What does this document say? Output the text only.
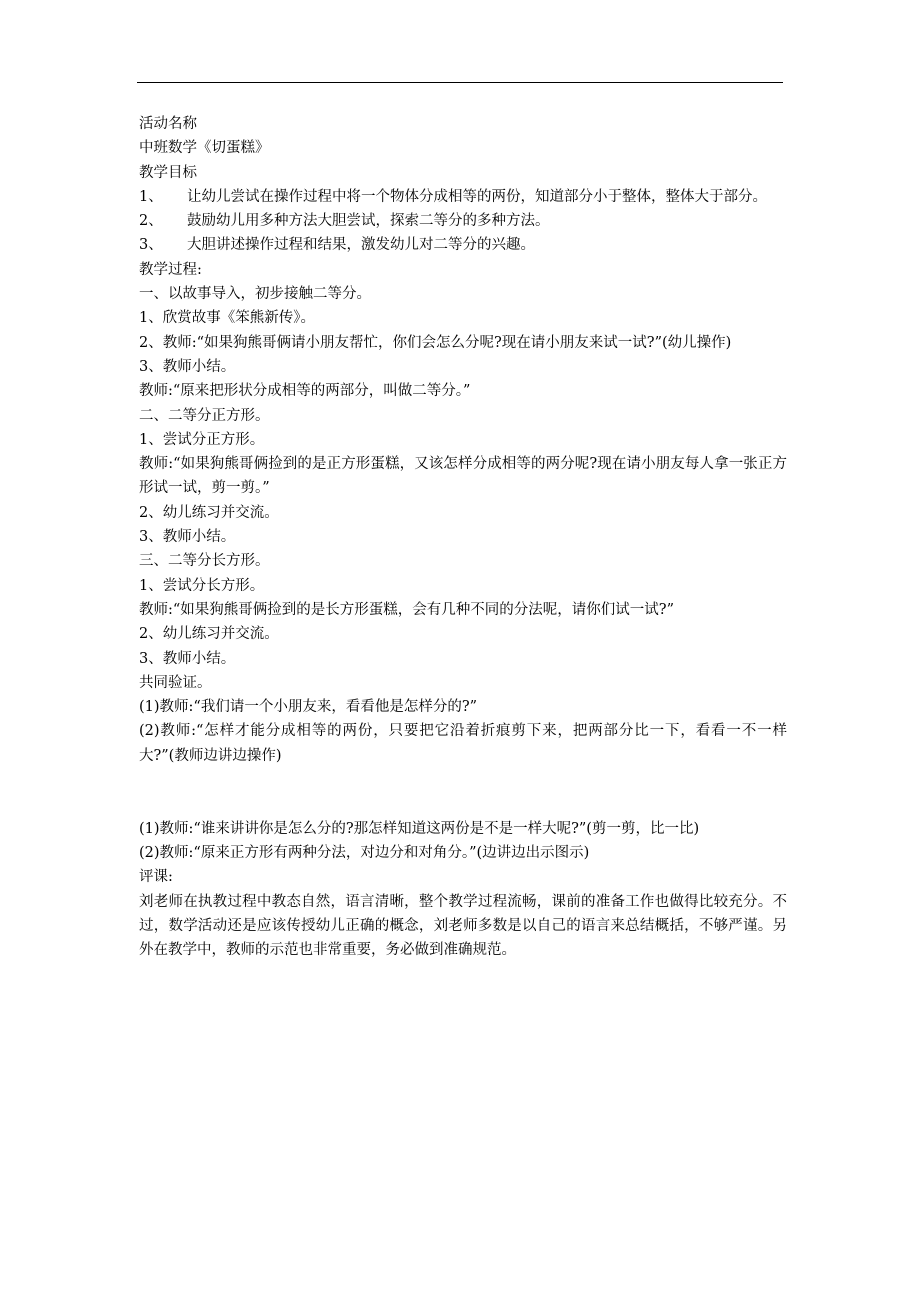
活动名称
中班数学《切蛋糕》
教学目标
1、 让幼儿尝试在操作过程中将一个物体分成相等的两份，知道部分小于整体，整体大于部分。
2、 鼓励幼儿用多种方法大胆尝试，探索二等分的多种方法。
3、 大胆讲述操作过程和结果，激发幼儿对二等分的兴趣。
教学过程:
一、以故事导入，初步接触二等分。
1、欣赏故事《笨熊新传》。
2、教师:“如果狗熊哥俩请小朋友帮忙，你们会怎么分呢?现在请小朋友来试一试?”(幼儿操作)
3、教师小结。
教师:“原来把形状分成相等的两部分，叫做二等分。”
二、二等分正方形。
1、尝试分正方形。
教师:“如果狗熊哥俩捡到的是正方形蛋糕，又该怎样分成相等的两分呢?现在请小朋友每人拿一张正方形试一试，剪一剪。”
2、幼儿练习并交流。
3、教师小结。
三、二等分长方形。
1、尝试分长方形。
教师:“如果狗熊哥俩捡到的是长方形蛋糕，会有几种不同的分法呢，请你们试一试?”
2、幼儿练习并交流。
3、教师小结。
共同验证。
(1)教师:“我们请一个小朋友来，看看他是怎样分的?”
(2)教师:“怎样才能分成相等的两份，只要把它沿着折痕剪下来，把两部分比一下，看看一不一样大?”(教师边讲边操作)
(1)教师:“谁来讲讲你是怎么分的?那怎样知道这两份是不是一样大呢?”(剪一剪，比一比)
(2)教师:“原来正方形有两种分法，对边分和对角分。”(边讲边出示图示)
评课:
刘老师在执教过程中教态自然，语言清晰，整个教学过程流畅，课前的准备工作也做得比较充分。不过，数学活动还是应该传授幼儿正确的概念，刘老师多数是以自己的语言来总结概括，不够严谨。另外在教学中，教师的示范也非常重要，务必做到准确规范。
